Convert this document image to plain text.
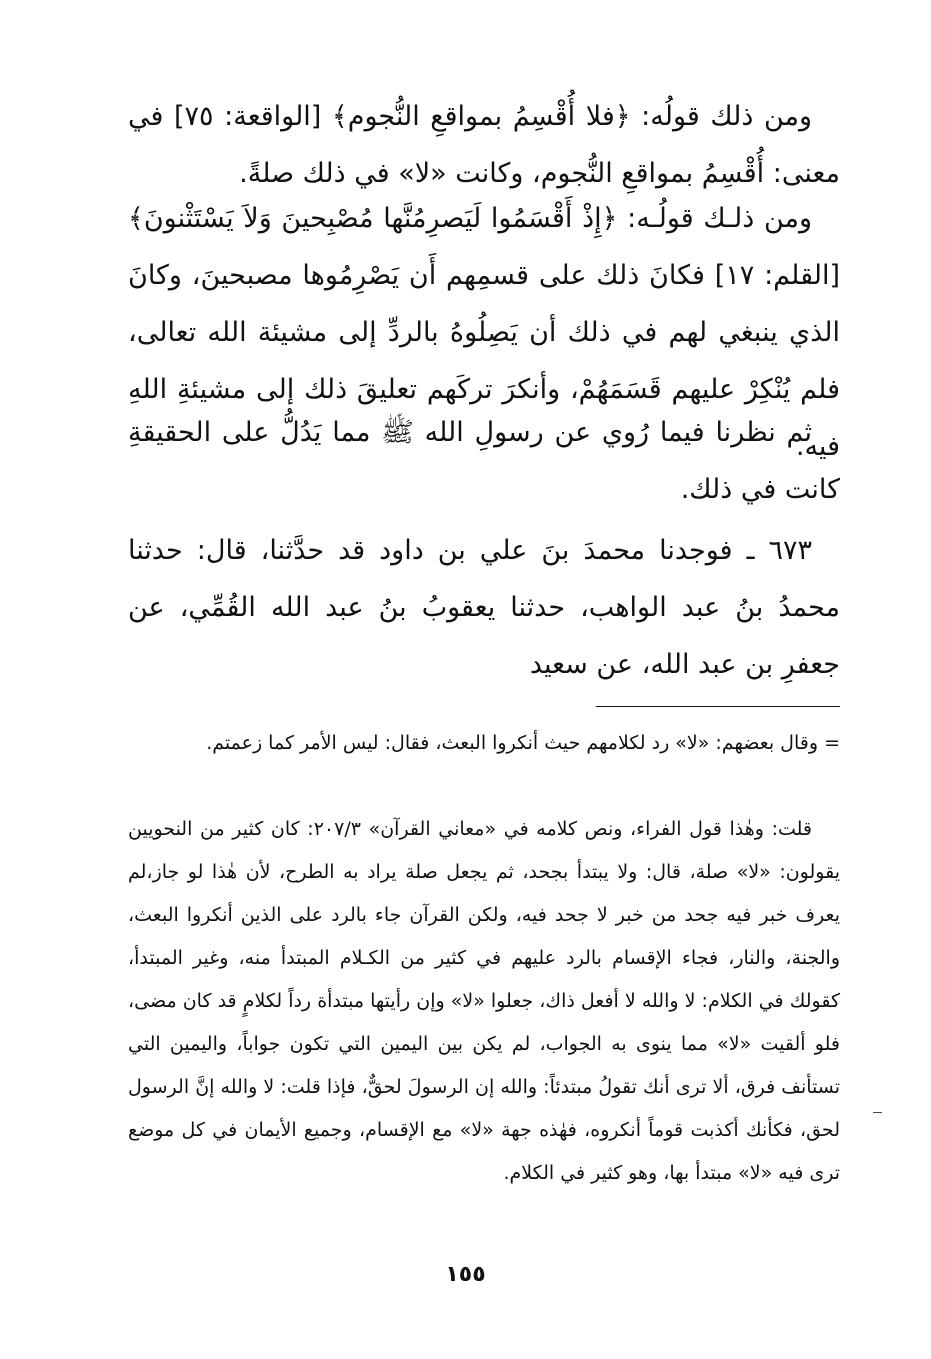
ومن ذلك قولُه: ﴿فلا أُقْسِمُ بمواقعِ النُّجوم﴾ [الواقعة: ٧٥] في معنى: أُقْسِمُ بمواقعِ النُّجوم، وكانت «لا» في ذلك صلةً.

ومن ذلـك قولُـه: ﴿إِذْ أَقْسَمُوا لَيَصرِمُنَّها مُصْبِحينَ وَلاَ يَسْتَثْنونَ﴾ [القلم: ١٧] فكانَ ذلك على قسمِهم أَن يَصْرِمُوها مصبحينَ، وكانَ الذي ينبغي لهم في ذلك أن يَصِلُوهُ بالردِّ إلى مشيئة الله تعالى، فلم يُنْكِرْ عليهم قَسَمَهُمْ، وأنكرَ تركَهم تعليقَ ذلك إلى مشيئةِ اللهِ فيه.

ثم نظرنا فيما رُوي عن رسولِ الله ﷺ مما يَدُلُّ على الحقيقةِ كانت في ذلك.

٦٧٣ ـ فوجدنا محمدَ بنَ علي بن داود قد حدَّثنا، قال: حدثنا محمدُ بنُ عبد الواهب، حدثنا يعقوبُ بنُ عبد الله القُمِّي، عن جعفرِ بن عبد الله، عن سعيد

= وقال بعضهم: «لا» رد لكلامهم حيث أنكروا البعث، فقال: ليس الأمر كما زعمتم.

قلت: وهٰذا قول الفراء، ونص كلامه في «معاني القرآن» ٢٠٧/٣: كان كثير من النحويين يقولون: «لا» صلة، قال: ولا يبتدأ بجحد، ثم يجعل صلة يراد به الطرح، لأن هٰذا لو جاز،لم يعرف خبر فيه جحد من خبر لا جحد فيه، ولكن القرآن جاء بالرد على الذين أنكروا البعث، والجنة، والنار، فجاء الإقسام بالرد عليهم في كثير من الكـلام المبتدأ منه، وغير المبتدأ، كقولك في الكلام: لا والله لا أفعل ذاك، جعلوا «لا» وإن رأيتها مبتدأة رداً لكلامٍ قد كان مضى، فلو ألقيت «لا» مما ينوى به الجواب، لم يكن بين اليمين التي تكون جواباً، واليمين التي تستأنف فرق، ألا ترى أنك تقولُ مبتدئاً: والله إن الرسولَ لحقٌّ، فإذا قلت: لا والله إنَّ الرسول لحق، فكأنك أكذبت قوماً أنكروه، فهٰذه جهة «لا» مع الإقسام، وجميع الأيمان في كل موضع ترى فيه «لا» مبتدأ بها، وهو كثير في الكلام.

١٥٥
